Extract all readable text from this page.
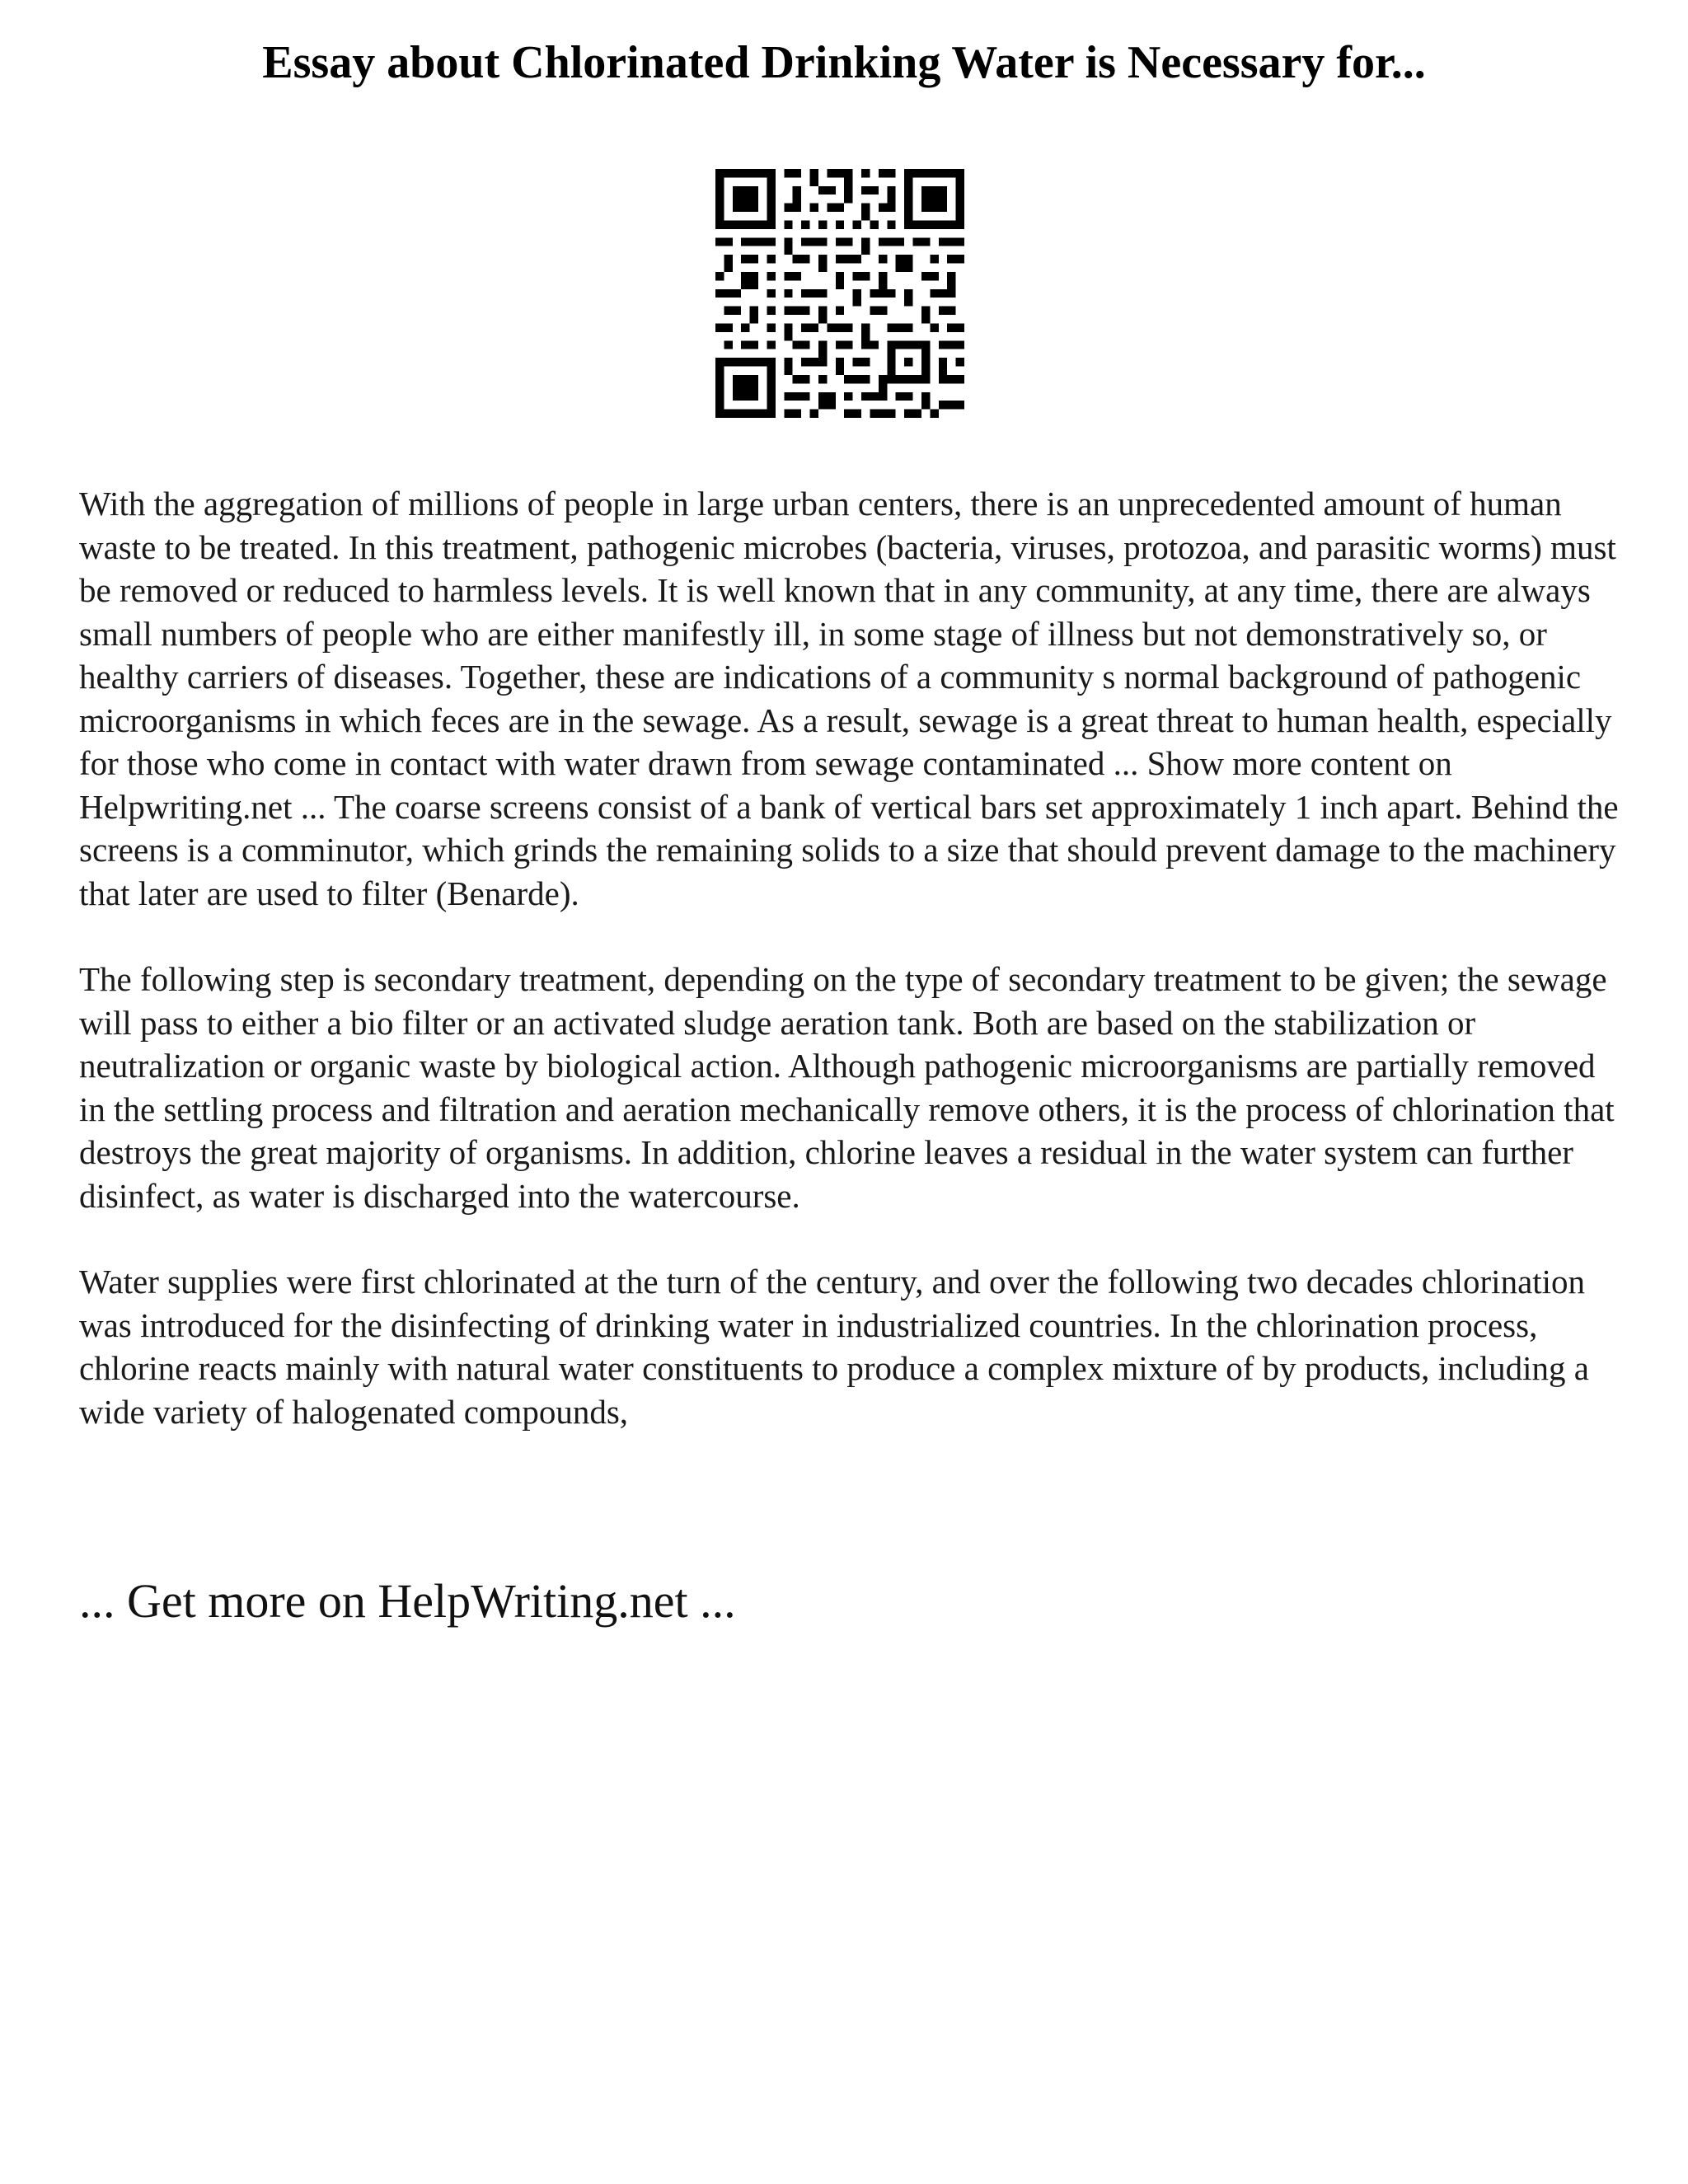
Essay about Chlorinated Drinking Water is Necessary for...

With the aggregation of millions of people in large urban centers, there is an unprecedented amount of human waste to be treated. In this treatment, pathogenic microbes (bacteria, viruses, protozoa, and parasitic worms) must be removed or reduced to harmless levels. It is well known that in any community, at any time, there are always small numbers of people who are either manifestly ill, in some stage of illness but not demonstratively so, or healthy carriers of diseases. Together, these are indications of a community s normal background of pathogenic microorganisms in which feces are in the sewage. As a result, sewage is a great threat to human health, especially for those who come in contact with water drawn from sewage contaminated ... Show more content on Helpwriting.net ... The coarse screens consist of a bank of vertical bars set approximately 1 inch apart. Behind the screens is a comminutor, which grinds the remaining solids to a size that should prevent damage to the machinery that later are used to filter (Benarde).

The following step is secondary treatment, depending on the type of secondary treatment to be given; the sewage will pass to either a bio filter or an activated sludge aeration tank. Both are based on the stabilization or neutralization or organic waste by biological action. Although pathogenic microorganisms are partially removed in the settling process and filtration and aeration mechanically remove others, it is the process of chlorination that destroys the great majority of organisms. In addition, chlorine leaves a residual in the water system can further disinfect, as water is discharged into the watercourse.

Water supplies were first chlorinated at the turn of the century, and over the following two decades chlorination was introduced for the disinfecting of drinking water in industrialized countries. In the chlorination process, chlorine reacts mainly with natural water constituents to produce a complex mixture of by products, including a wide variety of halogenated compounds,

... Get more on HelpWriting.net ...
